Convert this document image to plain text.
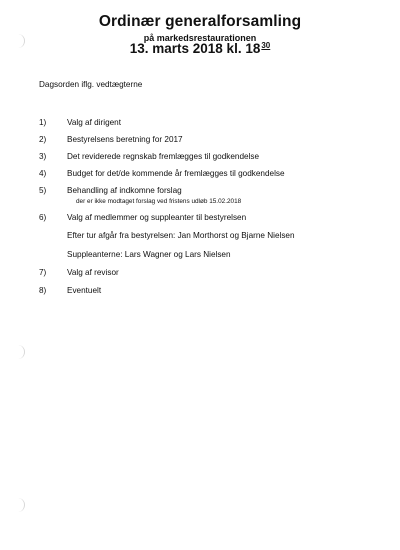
Ordinær generalforsamling
på markedsrestaurationen
13. marts 2018 kl. $18^{30}$
Dagsorden iflg. vedtægterne
1)	Valg af dirigent
2)	Bestyrelsens beretning for 2017
3)	Det reviderede regnskab fremlægges til godkendelse
4)	Budget for det/de kommende år fremlægges til godkendelse
5)	Behandling af indkomne forslag
der er ikke modtaget forslag ved fristens udløb 15.02.2018
6)	Valg af medlemmer og suppleanter til bestyrelsen
Efter tur afgår fra bestyrelsen: Jan Morthorst og Bjarne Nielsen
Suppleanterne: Lars Wagner og Lars Nielsen
7)	Valg af revisor
8)	Eventuelt
